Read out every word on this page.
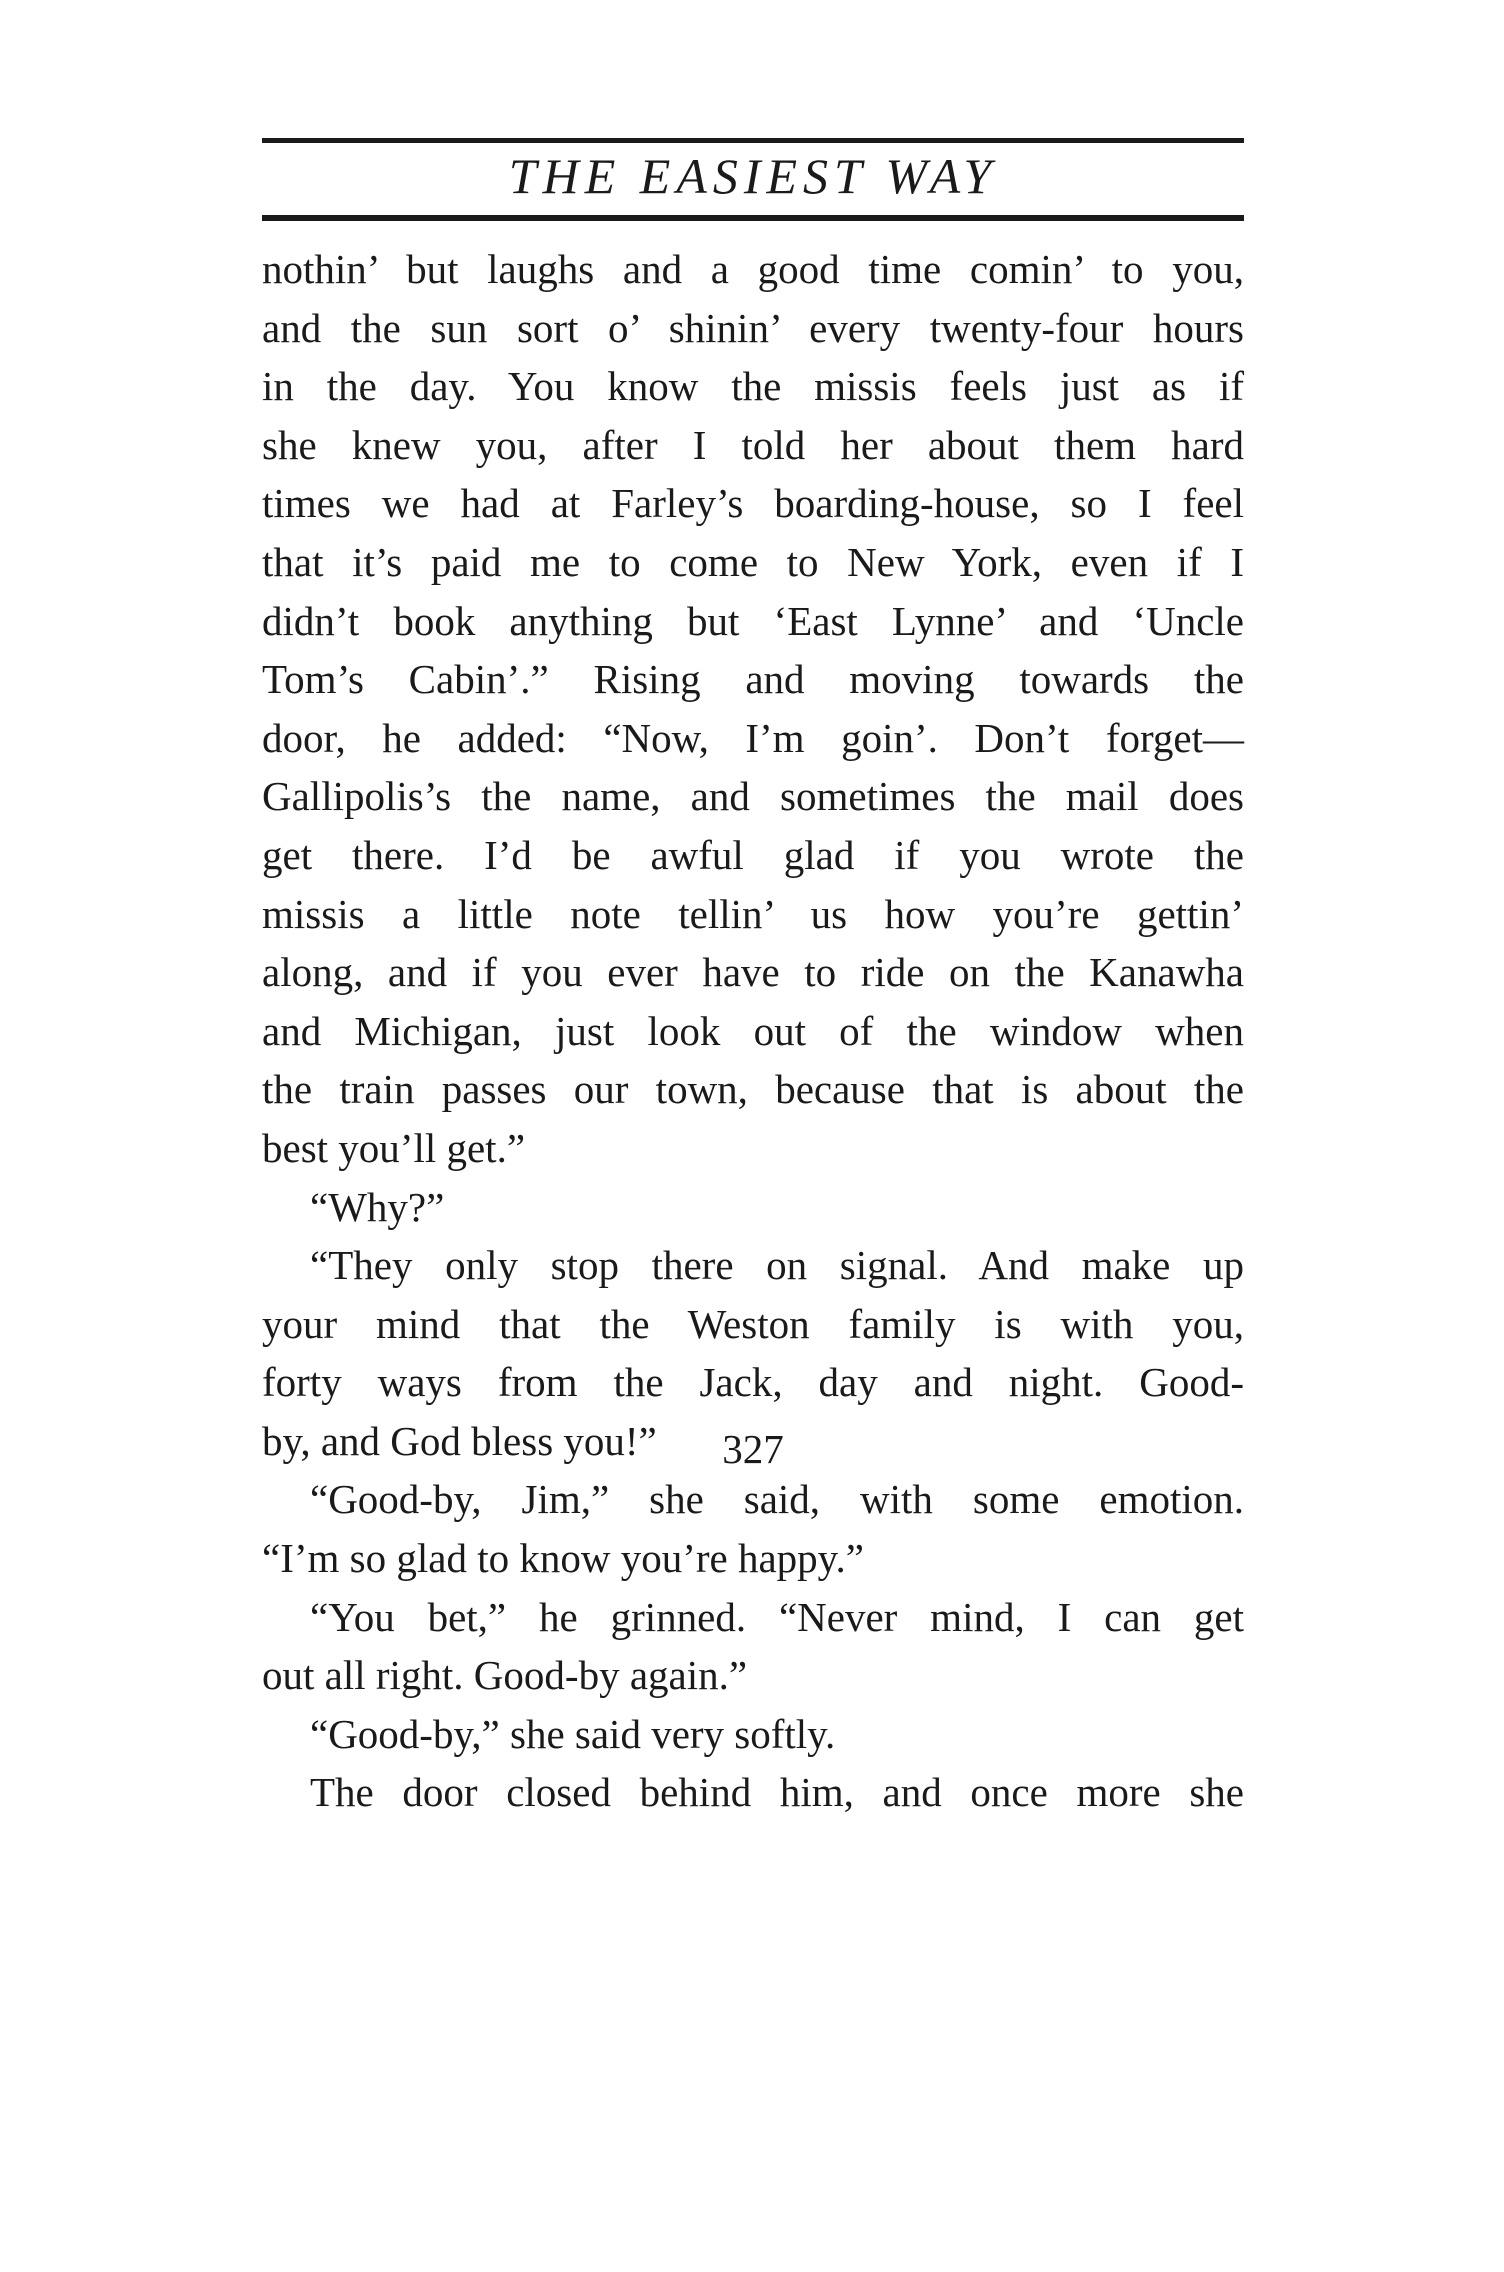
THE EASIEST WAY
nothin’ but laughs and a good time comin’ to you,
and the sun sort o’ shinin’ every twenty-four hours
in the day. You know the missis feels just as if
she knew you, after I told her about them hard
times we had at Farley’s boarding-house, so I feel
that it’s paid me to come to New York, even if I
didn’t book anything but ‘East Lynne’ and ‘Uncle
Tom’s Cabin’.” Rising and moving towards the
door, he added: “Now, I’m goin’. Don’t forget—
Gallipolis’s the name, and sometimes the mail does
get there. I’d be awful glad if you wrote the
missis a little note tellin’ us how you’re gettin’
along, and if you ever have to ride on the Kanawha
and Michigan, just look out of the window when
the train passes our town, because that is about the
best you’ll get.”
“Why?”
“They only stop there on signal. And make up
your mind that the Weston family is with you,
forty ways from the Jack, day and night. Good-
by, and God bless you!”
“Good-by, Jim,” she said, with some emotion.
“I’m so glad to know you’re happy.”
“You bet,” he grinned. “Never mind, I can get
out all right. Good-by again.”
“Good-by,” she said very softly.
The door closed behind him, and once more she
327
